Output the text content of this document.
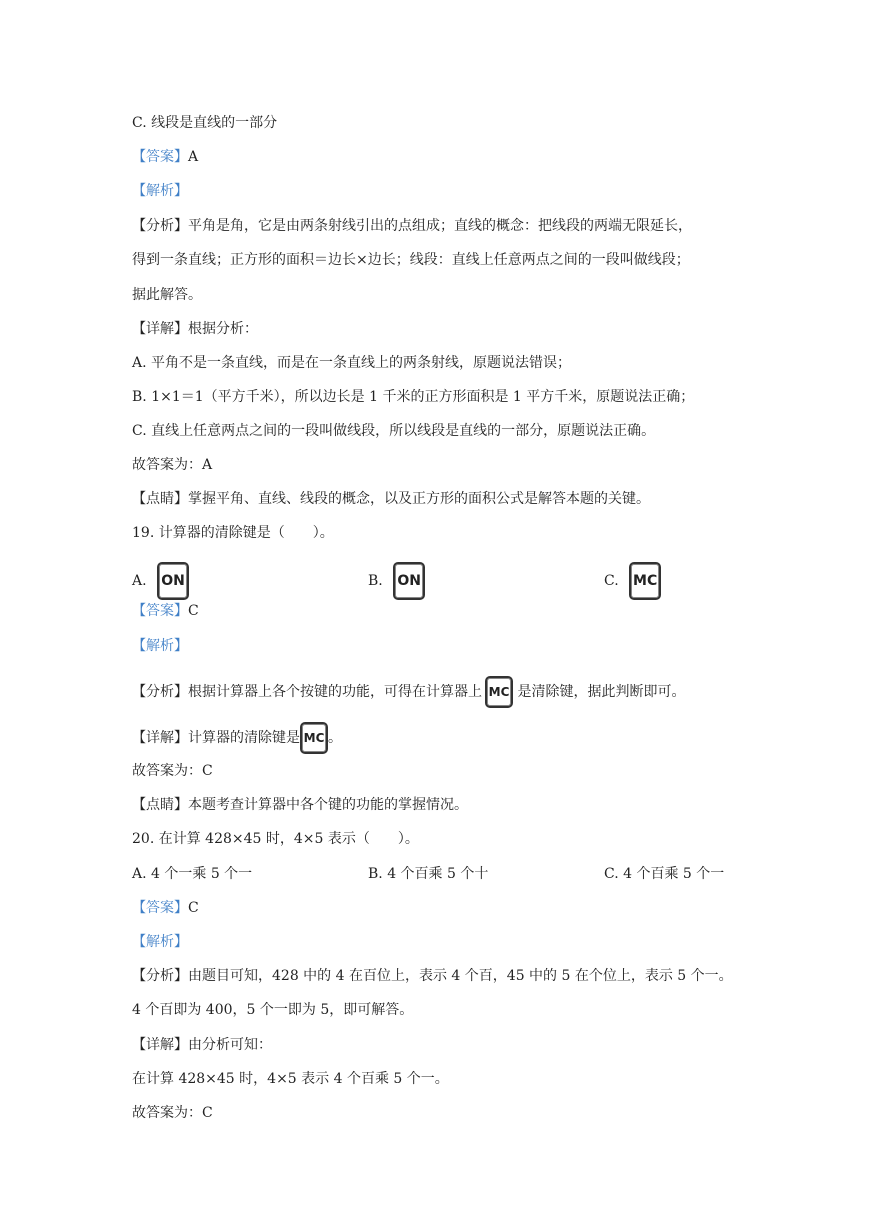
C. 线段是直线的一部分
【答案】A
【解析】
【分析】平角是角，它是由两条射线引出的点组成；直线的概念：把线段的两端无限延长，
得到一条直线；正方形的面积＝边长×边长；线段：直线上任意两点之间的一段叫做线段；
据此解答。
【详解】根据分析：
A. 平角不是一条直线，而是在一条直线上的两条射线，原题说法错误；
B. 1×1＝1（平方千米），所以边长是 1 千米的正方形面积是 1 平方千米，原题说法正确；
C. 直线上任意两点之间的一段叫做线段，所以线段是直线的一部分，原题说法正确。
故答案为：A
【点睛】掌握平角、直线、线段的概念，以及正方形的面积公式是解答本题的关键。
19. 计算器的清除键是（　　）。
A. ON	B. ON	C. MC
【答案】C
【解析】
【分析】根据计算器上各个按键的功能，可得在计算器上 MC 是清除键，据此判断即可。
【详解】计算器的清除键是 MC 。
故答案为：C
【点睛】本题考查计算器中各个键的功能的掌握情况。
20. 在计算 428×45 时，4×5 表示（　　）。
A. 4 个一乘 5 个一	B. 4 个百乘 5 个十	C. 4 个百乘 5 个一
【答案】C
【解析】
【分析】由题目可知，428 中的 4 在百位上，表示 4 个百，45 中的 5 在个位上，表示 5 个一。
4 个百即为 400，5 个一即为 5，即可解答。
【详解】由分析可知：
在计算 428×45 时，4×5 表示 4 个百乘 5 个一。
故答案为：C
